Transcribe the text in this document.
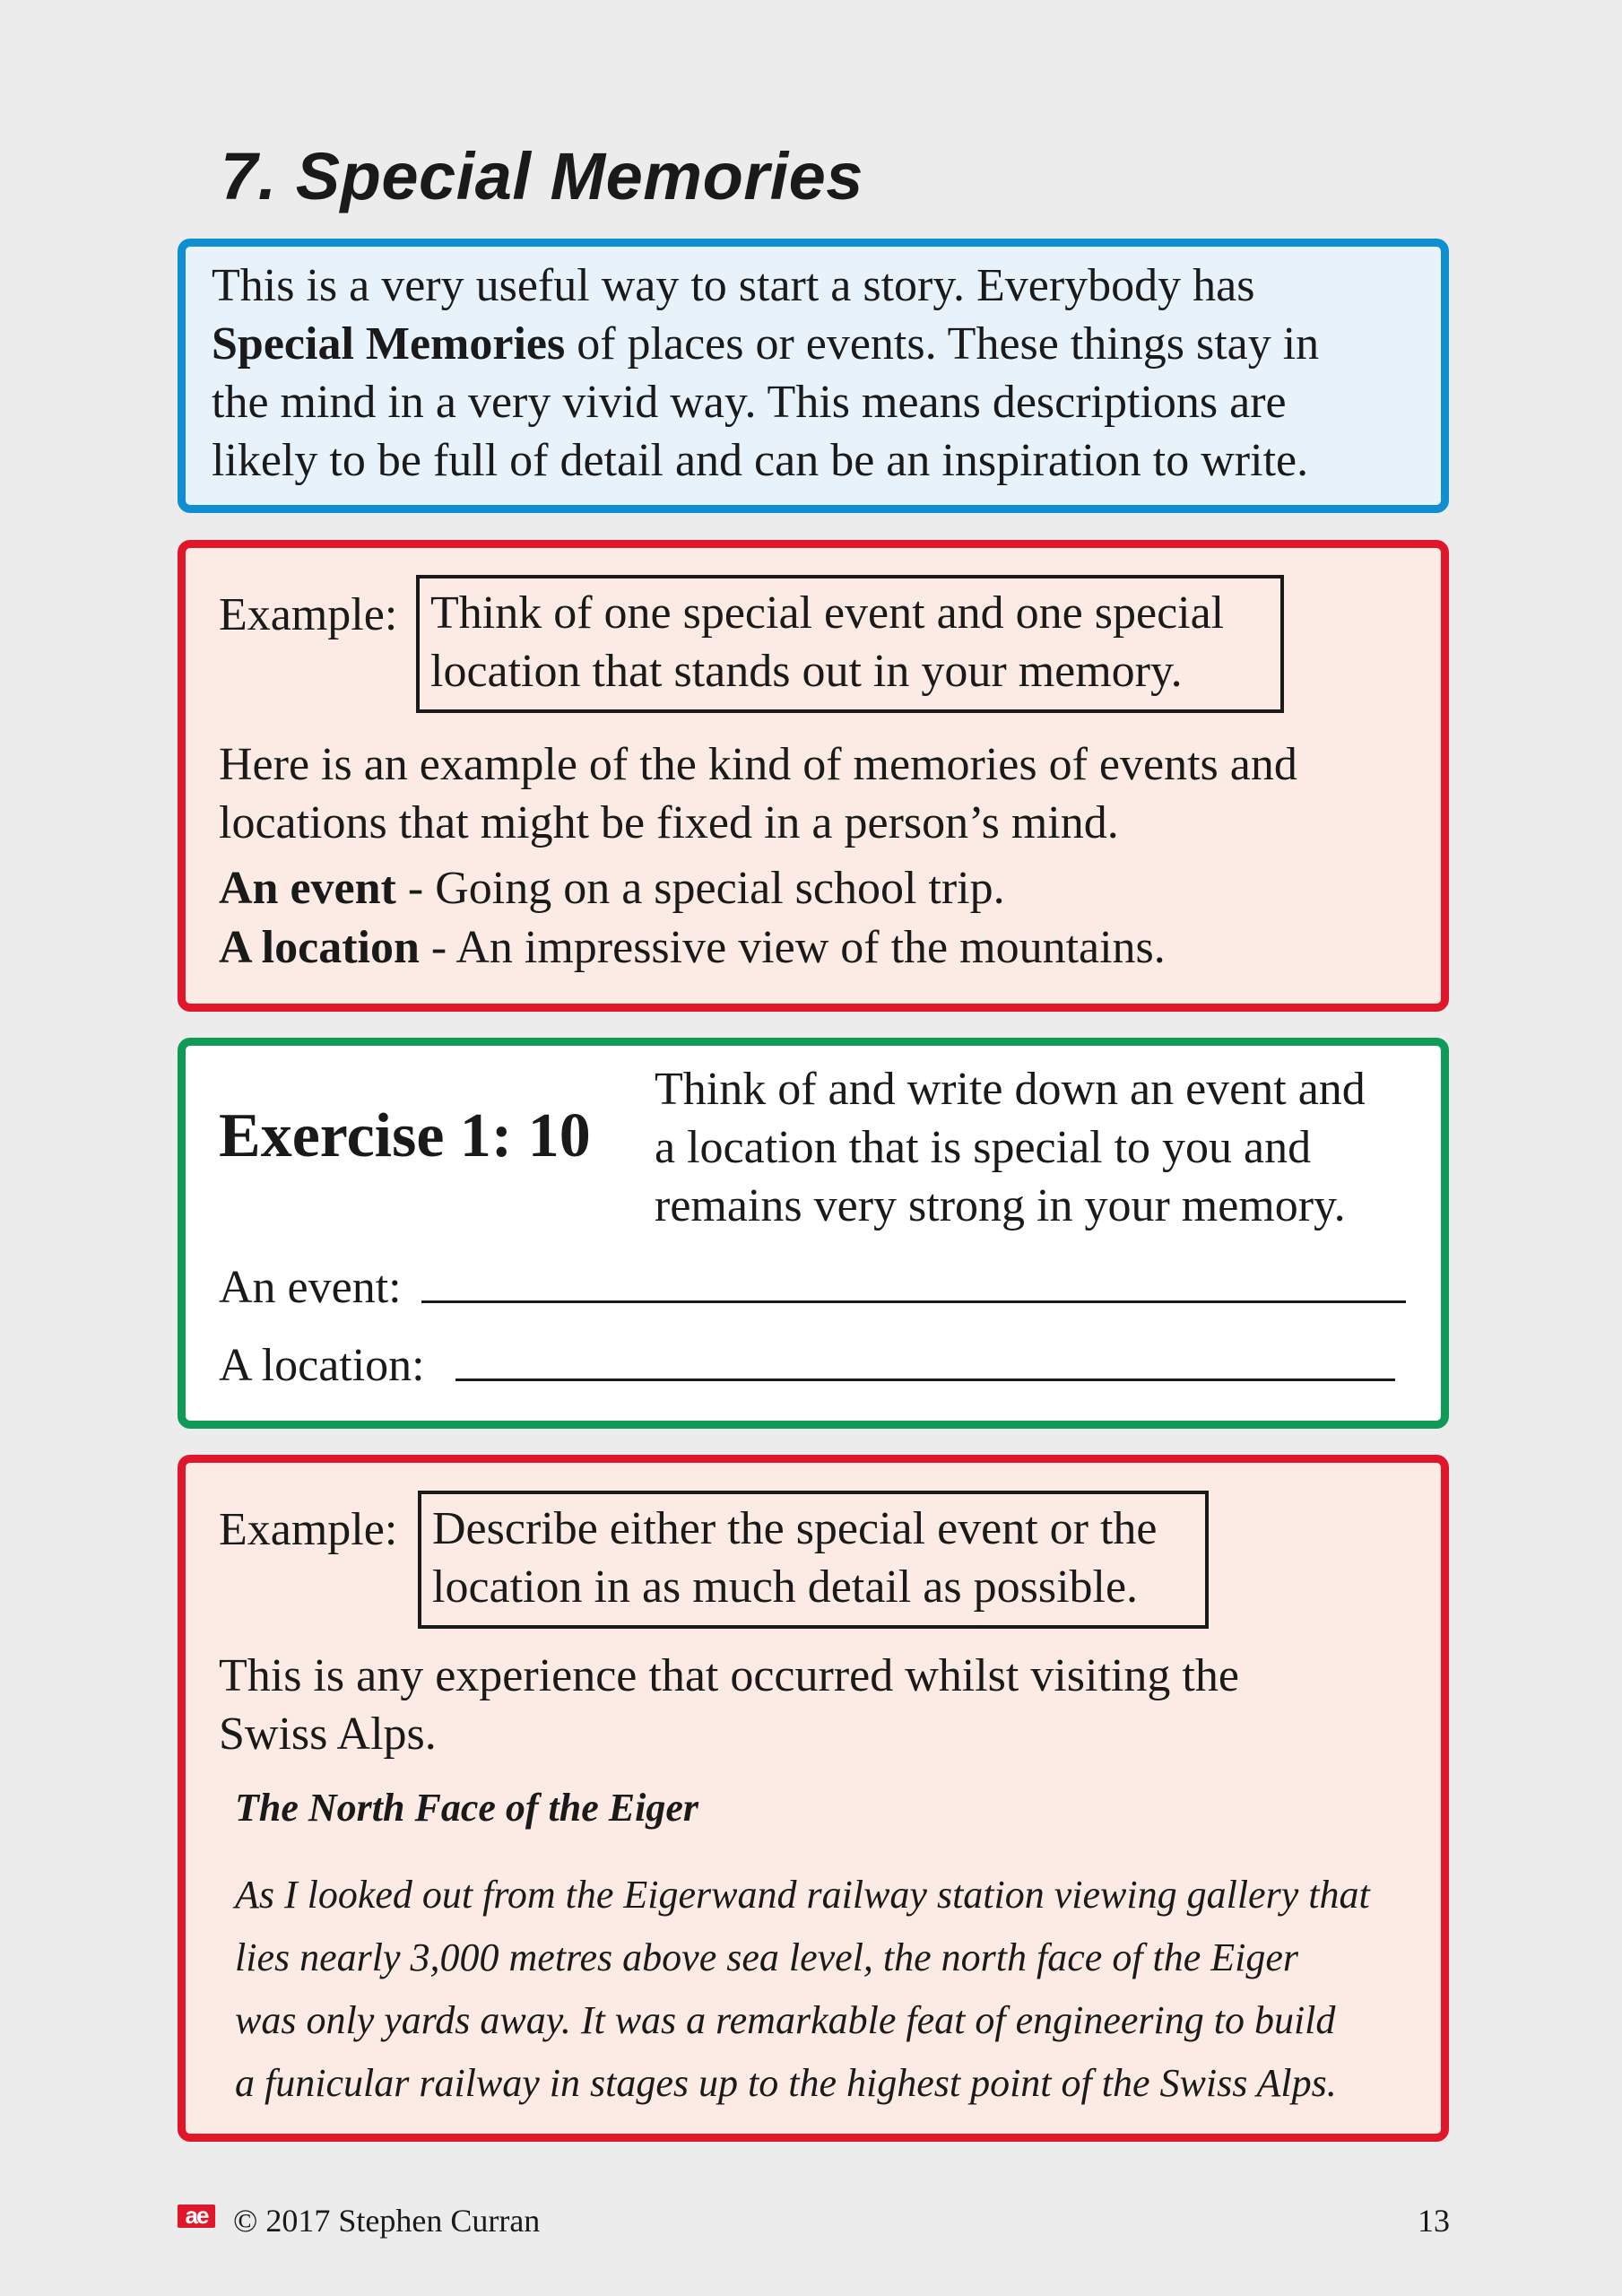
7. Special Memories
This is a very useful way to start a story. Everybody has
Special Memories of places or events. These things stay in
the mind in a very vivid way. This means descriptions are
likely to be full of detail and can be an inspiration to write.
Example: Think of one special event and one special
location that stands out in your memory.
Here is an example of the kind of memories of events and
locations that might be fixed in a person’s mind.
An event - Going on a special school trip.
A location - An impressive view of the mountains.
Exercise 1: 10
Think of and write down an event and
a location that is special to you and
remains very strong in your memory.
An event:
A location:
Example: Describe either the special event or the
location in as much detail as possible.
This is any experience that occurred whilst visiting the
Swiss Alps.
The North Face of the Eiger
As I looked out from the Eigerwand railway station viewing gallery that
lies nearly 3,000 metres above sea level, the north face of the Eiger
was only yards away. It was a remarkable feat of engineering to build
a funicular railway in stages up to the highest point of the Swiss Alps.
ae © 2017 Stephen Curran	13
